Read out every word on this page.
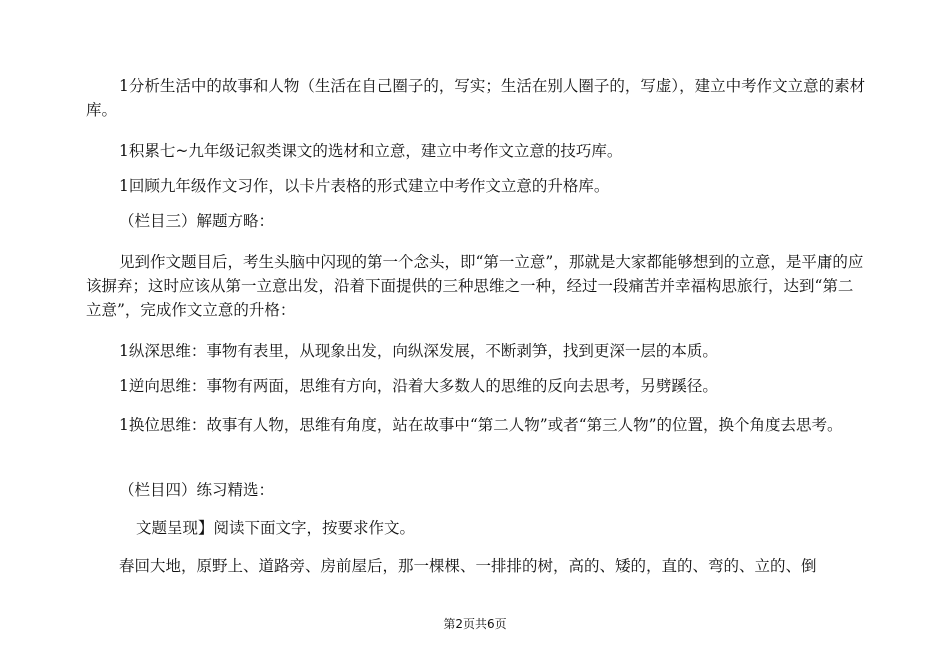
1分析生活中的故事和人物（生活在自己圈子的，写实；生活在别人圈子的，写虚），建立中考作文立意的素材库。

1积累七~九年级记叙类课文的选材和立意，建立中考作文立意的技巧库。

1回顾九年级作文习作，以卡片表格的形式建立中考作文立意的升格库。

（栏目三）解题方略：

见到作文题目后，考生头脑中闪现的第一个念头，即“第一立意”，那就是大家都能够想到的立意，是平庸的应该摒弃；这时应该从第一立意出发，沿着下面提供的三种思维之一种，经过一段痛苦并幸福构思旅行，达到“第二立意”，完成作文立意的升格：

1纵深思维：事物有表里，从现象出发，向纵深发展，不断剥笋，找到更深一层的本质。

1逆向思维：事物有两面，思维有方向，沿着大多数人的思维的反向去思考，另劈蹊径。

1换位思维：故事有人物，思维有角度，站在故事中“第二人物”或者“第三人物”的位置，换个角度去思考。

（栏目四）练习精选：

文题呈现】阅读下面文字，按要求作文。

春回大地，原野上、道路旁、房前屋后，那一棵棵、一排排的树，高的、矮的，直的、弯的、立的、倒

第2页共6页
